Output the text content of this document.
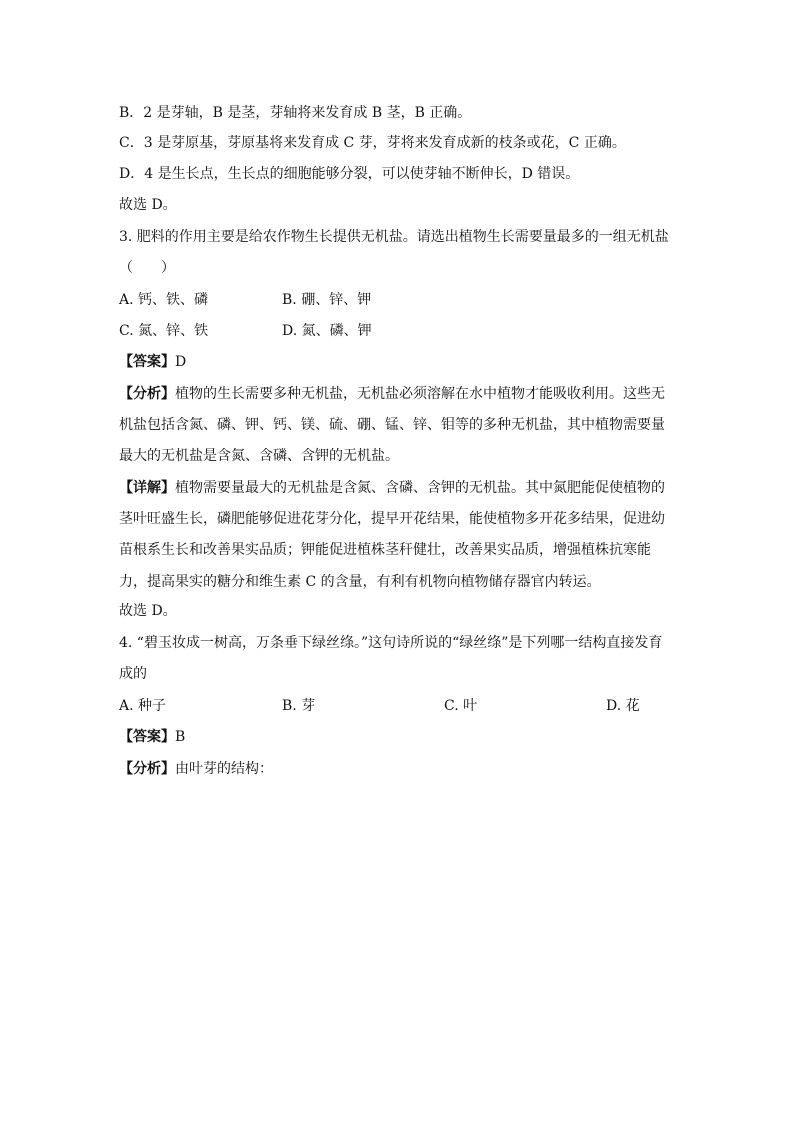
B．2 是芽轴，B 是茎，芽轴将来发育成 B 茎，B 正确。
C．3 是芽原基，芽原基将来发育成 C 芽，芽将来发育成新的枝条或花，C 正确。
D．4 是生长点，生长点的细胞能够分裂，可以使芽轴不断伸长，D 错误。
故选 D。
3. 肥料的作用主要是给农作物生长提供无机盐。请选出植物生长需要量最多的一组无机盐
（　　）
A. 钙、铁、磷	B. 硼、锌、钾
C. 氮、锌、铁	D. 氮、磷、钾
【答案】D
【分析】植物的生长需要多种无机盐，无机盐必须溶解在水中植物才能吸收利用。这些无
机盐包括含氮、磷、钾、钙、镁、硫、硼、锰、锌、钼等的多种无机盐，其中植物需要量
最大的无机盐是含氮、含磷、含钾的无机盐。
【详解】植物需要量最大的无机盐是含氮、含磷、含钾的无机盐。其中氮肥能促使植物的
茎叶旺盛生长，磷肥能够促进花芽分化，提早开花结果，能使植物多开花多结果，促进幼
苗根系生长和改善果实品质；钾能促进植株茎秆健壮，改善果实品质，增强植株抗寒能
力，提高果实的糖分和维生素 C 的含量，有利有机物向植物储存器官内转运。
故选 D。
4. “碧玉妆成一树高，万条垂下绿丝绦。”这句诗所说的“绿丝绦”是下列哪一结构直接发育
成的
A. 种子	B. 芽	C. 叶	D. 花
【答案】B
【分析】由叶芽的结构：
